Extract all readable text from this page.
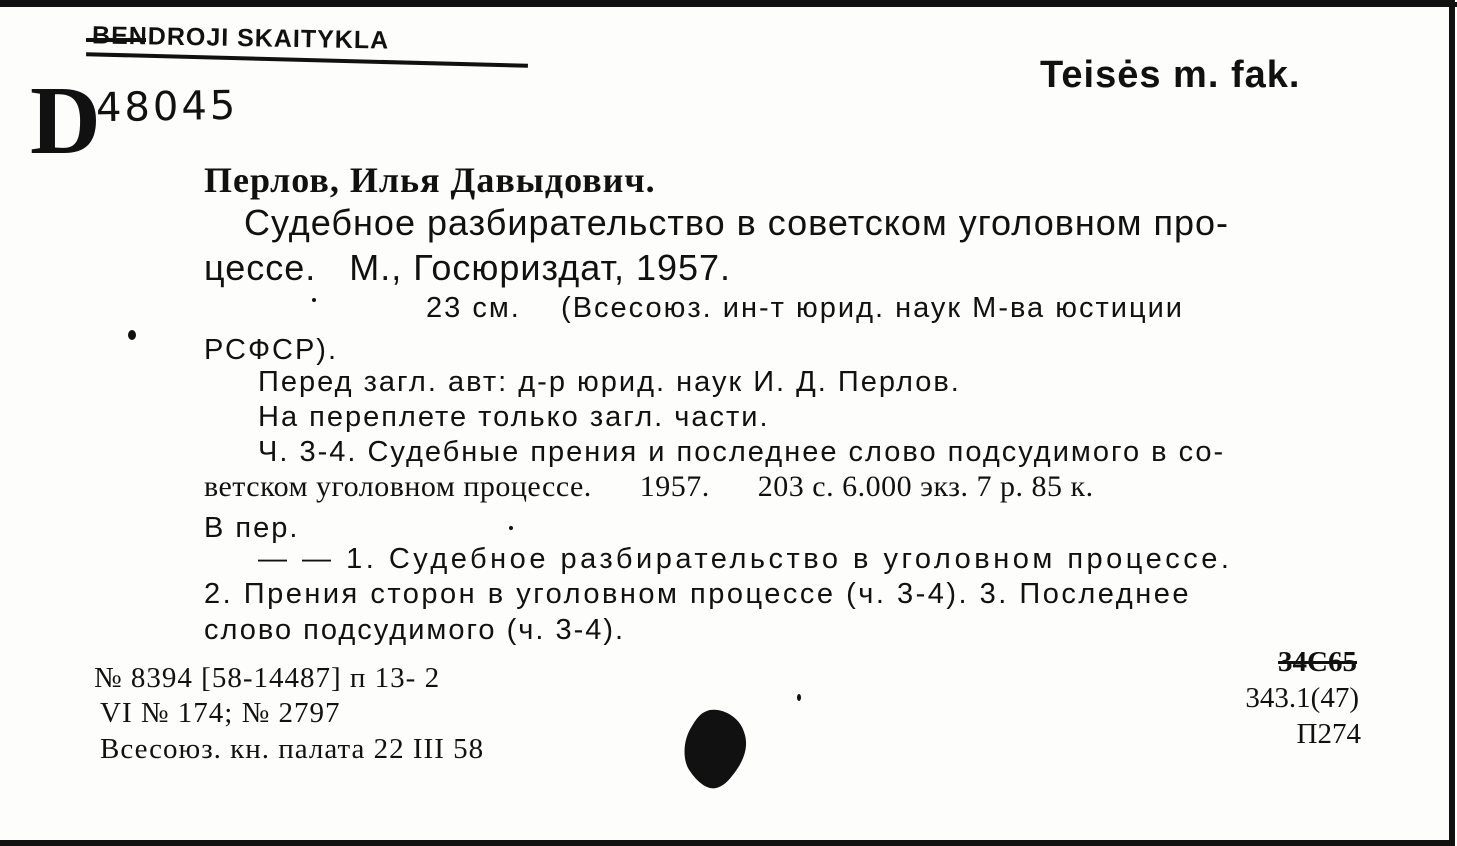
BENDROJI SKAITYKLA
D
48045
Teisės m. fak.
Перлов, Илья Давыдович.
Судебное разбирательство в советском уголовном про-
цессе.   М., Госюриздат, 1957.
23 см.    (Всесоюз. ин-т юрид. наук М-ва юстиции
РСФСР).
Перед загл. авт: д-р юрид. наук И. Д. Перлов.
На переплете только загл. части.
Ч. 3-4. Судебные прения и последнее слово подсудимого в со-
ветском уголовном процессе.      1957.      203 с. 6.000 экз. 7 р. 85 к.
В пер.
— — 1. Судебное разбирательство в уголовном процессе.
2. Прения сторон в уголовном процессе (ч. 3-4). 3. Последнее
слово подсудимого (ч. 3-4).
№ 8394 [58-14487] п 13- 2
VI № 174; № 2797
Всесоюз. кн. палата 22 III 58
34С65
343.1(47)
П274
